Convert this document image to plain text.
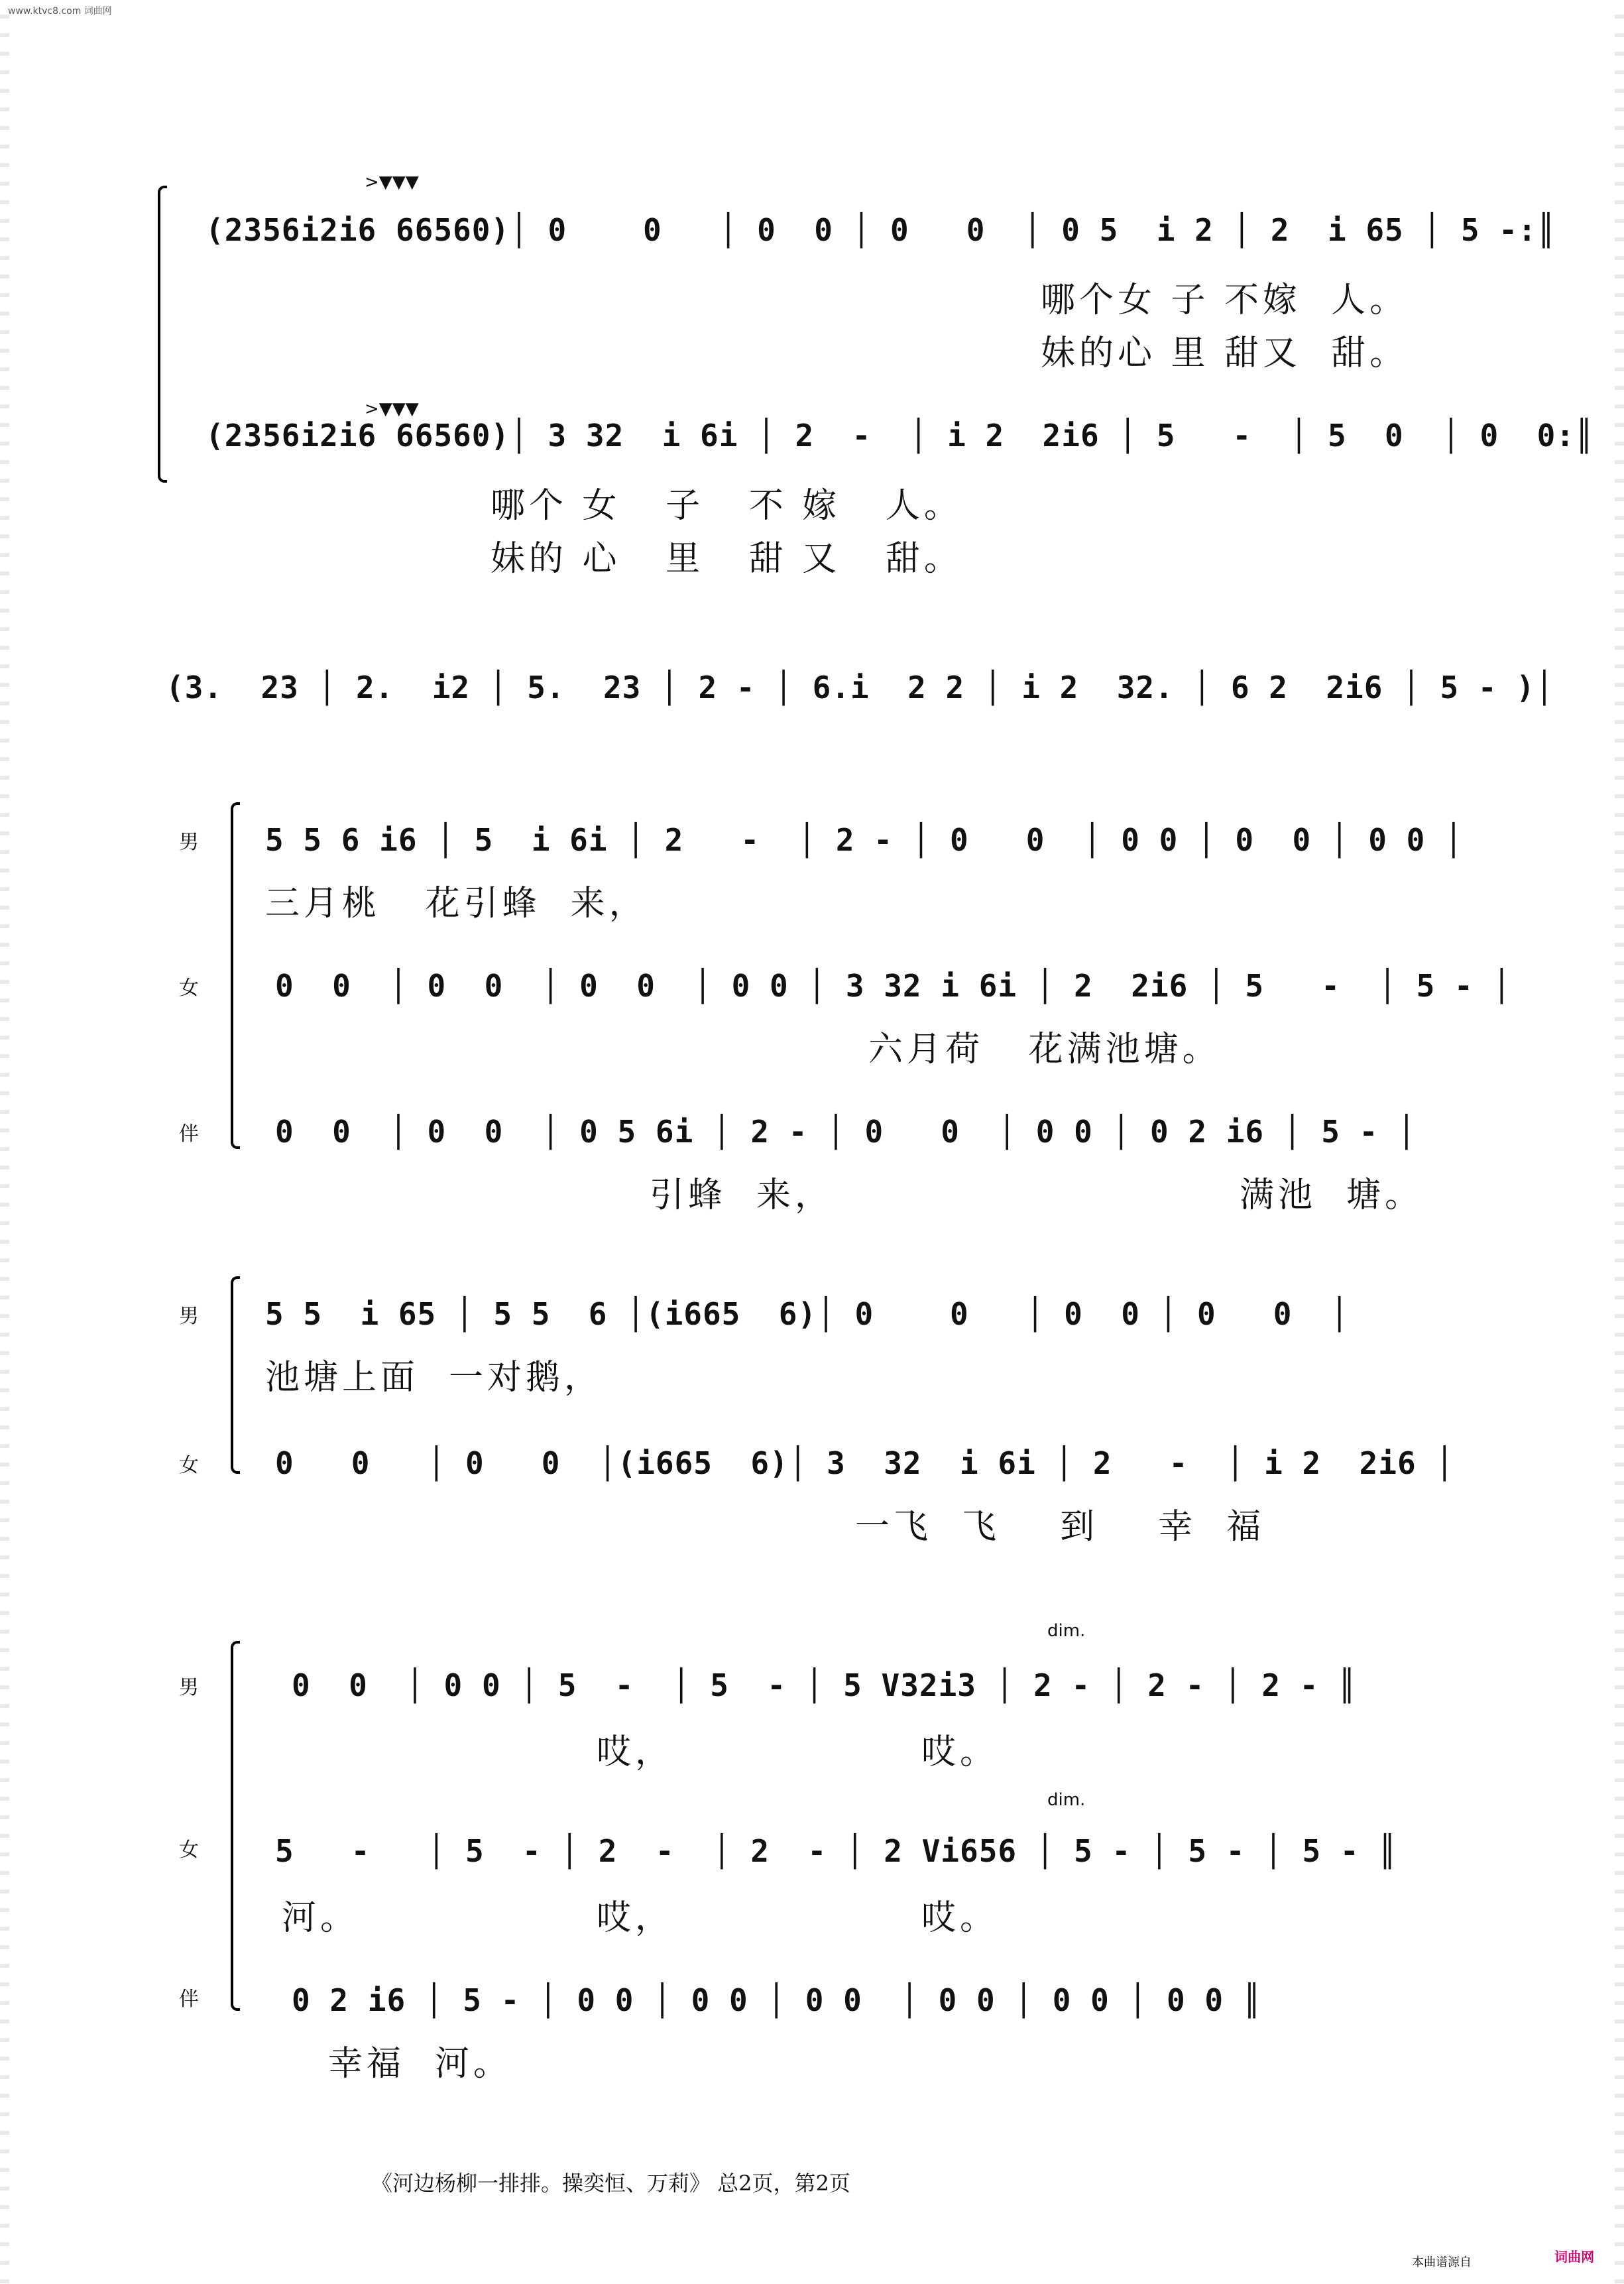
www.ktvc8.com 词曲网
>▼▼▼
(2356i2i6 66560)│ 0    0   │ 0  0 │ 0   0  │ 0 5  i 2 │ 2  i 65 │ 5 -:║
哪个女 子 不嫁  人。
妹的心 里 甜又  甜。
>▼▼▼
(2356i2i6 66560)│ 3 32  i 6i │ 2  -  │ i 2  2i6 │ 5   -  │ 5  0  │ 0  0:║
哪个 女   子   不 嫁   人。
妹的 心   里   甜 又   甜。
(3.  23 │ 2.  i2 │ 5.  23 │ 2 - │ 6.i  2 2 │ i 2  32. │ 6 2  2i6 │ 5 - )│
男
女
伴
5 5 6 i6 │ 5  i 6i │ 2   -  │ 2 - │ 0   0  │ 0 0 │ 0  0 │ 0 0 │
三月桃   花引蜂  来，
0  0  │ 0  0  │ 0  0  │ 0 0 │ 3 32 i 6i │ 2  2i6 │ 5   -  │ 5 - │
六月荷   花满池塘。
0  0  │ 0  0  │ 0 5 6i │ 2 - │ 0   0  │ 0 0 │ 0 2 i6 │ 5 - │
引蜂  来，	满池  塘。
男
女
5 5  i 65 │ 5 5  6 │(i665  6)│ 0    0   │ 0  0 │ 0   0  │
池塘上面  一对鹅，
0   0   │ 0   0  │(i665  6)│ 3  32  i 6i │ 2   -  │ i 2  2i6 │
一飞  飞    到    幸  福
男
女
伴
dim.
0  0  │ 0 0 │ 5  -  │ 5  - │ 5 V32i3 │ 2 - │ 2 - │ 2 - ║
哎，	哎。
dim.
5   -   │ 5  - │ 2  -  │ 2  - │ 2 Vi656 │ 5 - │ 5 - │ 5 - ║
河。	哎，	哎。
0 2 i6 │ 5 - │ 0 0 │ 0 0 │ 0 0  │ 0 0 │ 0 0 │ 0 0 ║
幸福  河。
《河边杨柳一排排。操奕恒、万莉》 总2页，第2页
本曲谱源自	词曲网
